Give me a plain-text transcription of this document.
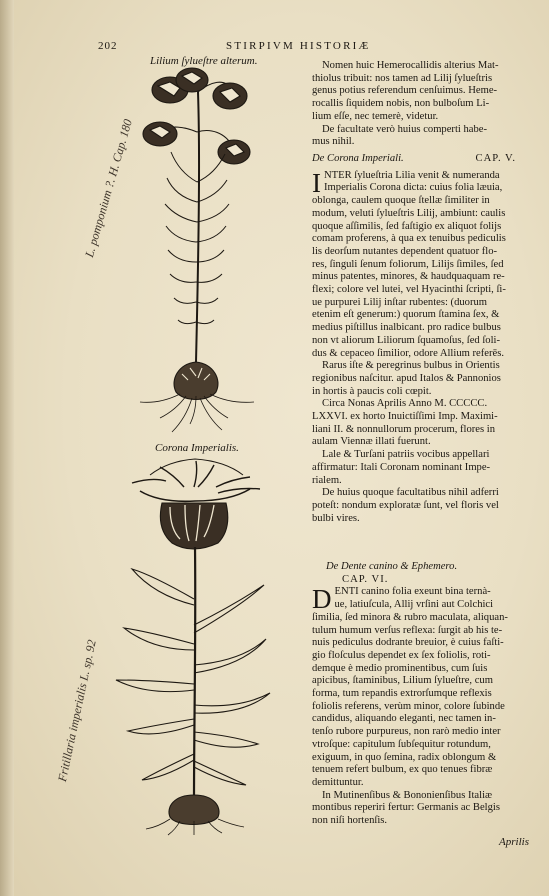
202	STIRPIVM HISTORIÆ
Lilium ſylueſtre alterum.
Corona Imperialis.
L. pomponium ?. H. Cap. 180
Fritillaria imperialis L. sp. 92

Nomen huic Hemerocallidis alterius Mat-

thiolus tribuit: nos tamen ad Lilij ſylueſtris

genus potius referendum cenſuimus. Heme-

rocallis ſiquidem nobis, non bulboſum Li-

lium eſſe, nec temerè, videtur.

De facultate verò huius comperti habe-

mus nihil.

De Corona Imperiali.	CAP. V.

I NTER ſylueſtria Lilia venit & numeranda

Imperialis Corona dicta: cuius folia læuia,

oblonga, caulem quoque ſtellæ ſimiliter in

modum, veluti ſylueſtris Lilij, ambiunt: caulis

quoque aſſimilis, ſed faſtigio ex aliquot folijs

comam proferens, à qua ex tenuibus pediculis

lis deorſum nutantes dependent quatuor flo-

res, ſinguli ſenum foliorum, Lilijs ſimiles, ſed

minus patentes, minores, & haudquaquam re-

flexi; colore vel lutei, vel Hyacinthi ſcripti, ſi-

ue purpurei Lilij inſtar rubentes: (duorum

etenim eſt generum:) quorum ſtamina ſex, &

medius piſtillus inalbicant. pro radice bulbus

non vt aliorum Liliorum ſquamoſus, ſed ſoli-

dus & cepaceo ſimilior, odore Allium referēs.

Rarus iſte & peregrinus bulbus in Orientis

regionibus naſcitur. apud Italos & Pannonios

in hortis à paucis coli cœpit.

Circa Nonas Aprilis Anno M. CCCCC.

LXXVI. ex horto Inuictiſſimi Imp. Maximi-

liani II. & nonnullorum procerum, flores in

aulam Viennæ illati fuerunt.

Lale & Turſani patriis vocibus appellari

affirmatur: Itali Coronam nominant Impe-

rialem.

De huius quoque facultatibus nihil adferri

poteſt: nondum exploratæ ſunt, vel floris vel

bulbi vires.

De Dente canino & Ephemero.

CAP. VI.

D ENTI canino folia exeunt bina ternà-

ue, latiuſcula, Allij vrſini aut Colchici

ſimilia, ſed minora & rubro maculata, aliquan-

tulum humum verſus reflexa: ſurgit ab his te-

nuis pediculus dodrante breuior, è cuius faſti-

gio floſculus dependet ex ſex foliolis, roti-

demque è medio prominentibus, cum ſuis

apicibus, ſtaminibus, Lilium ſylueſtre, cum

forma, tum repandis extrorſumque reflexis

foliolis referens, verùm minor, colore ſubinde

candidus, aliquando eleganti, nec tamen in-

tenſo rubore purpureus, non rarò medio inter

vtroſque: capitulum ſubſequitur rotundum,

exiguum, in quo ſemina, radix oblongum &

tenuem refert bulbum, ex quo tenues fibræ

demittuntur.

In Mutinenſibus & Bononienſibus Italiæ

montibus reperiri fertur: Germanis ac Belgis

non niſi hortenſis.

Aprilis
